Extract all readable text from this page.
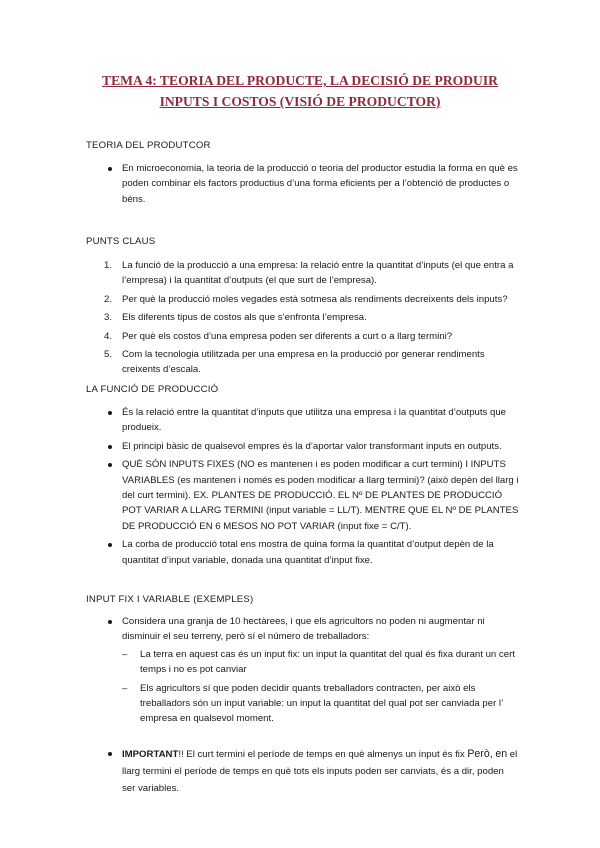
TEMA 4: TEORIA DEL PRODUCTE, LA DECISIÓ DE PRODUIR
INPUTS I COSTOS (VISIÓ DE PRODUCTOR)
TEORIA DEL PRODUTCOR
En microeconomia, la teoria de la producció o teoria del productor estudia la forma en què es poden combinar els factors productius d’una forma eficients per a l’obtenció de productes o béns.
PUNTS CLAUS
1. La funció de la producció a una empresa: la relació entre la quantitat d’inputs (el que entra a l’empresa) i la quantitat d’outputs (el que surt de l’empresa).
2. Per què la producció moles vegades està sotmesa als rendiments decreixents dels inputs?
3. Els diferents tipus de costos als que s’enfronta l’empresa.
4. Per què els costos d’una empresa poden ser diferents a curt o a llarg termini?
5. Com la tecnologia utilitzada per una empresa en la producció por generar rendiments creixents d’escala.
LA FUNCIÓ DE PRODUCCIÓ
És la relació entre la quantitat d’inputs que utilitza una empresa i la quantitat d’outputs que produeix.
El principi bàsic de qualsevol empres és la d’aportar valor transformant inputs en outputs.
QUÈ SÓN INPUTS FIXES (NO es mantenen i es poden modificar a curt termini) I INPUTS VARIABLES (es mantenen i només es poden modificar a llarg termini)? (això depèn del llarg i del curt termini). EX. PLANTES DE PRODUCCIÓ. EL Nº DE PLANTES DE PRODUCCIÓ POT VARIAR A LLARG TERMINI (input variable = LL/T). MENTRE QUE EL Nº DE PLANTES DE PRODUCCIÓ EN 6 MESOS NO POT VARIAR (input fixe = C/T).
La corba de producció total ens mostra de quina forma la quantitat d’output depèn de la quantitat d’input variable, donada una quantitat d’input fixe.
INPUT FIX I VARIABLE (EXEMPLES)
Considera una granja de 10 hectàrees, i que els agricultors no poden ni augmentar ni disminuir el seu terreny, però sí el número de treballadors:
– La terra en aquest cas és un input fix: un input la quantitat del qual és fixa durant un cert temps i no es pot canviar
– Els agricultors sí que poden decidir quants treballadors contracten, per això els treballadors són un input variable: un input la quantitat del qual pot ser canviada per l’ empresa en qualsevol moment.
IMPORTANT!! El curt termini el període de temps en què almenys un input és fix Però, en el llarg termini el període de temps en què tots els inputs poden ser canviats, és a dir, poden ser variables.
